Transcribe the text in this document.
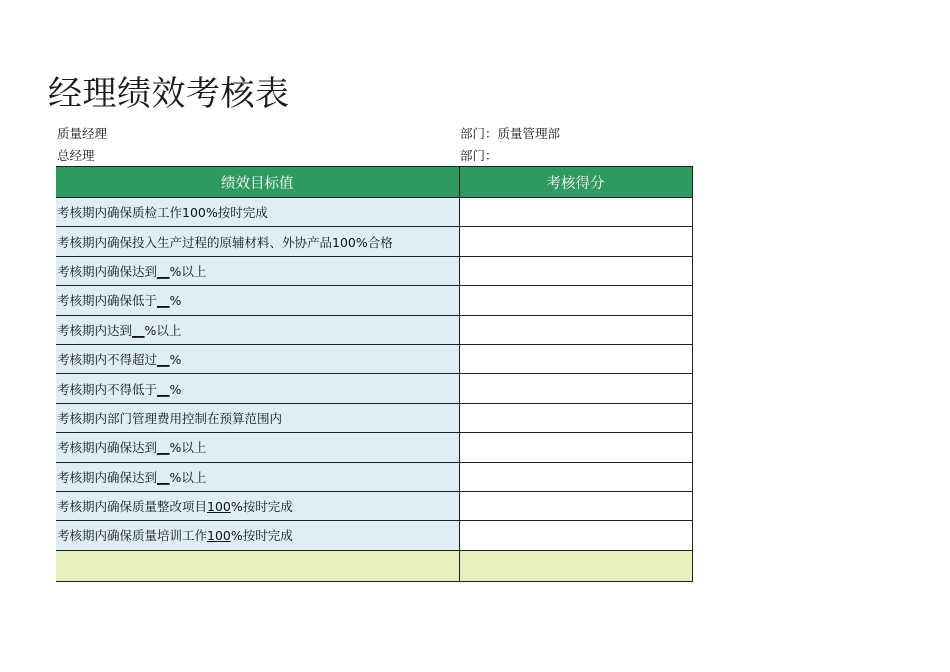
经理绩效考核表
质量经理	部门：质量管理部
总经理	部门：
绩效目标值	考核得分
考核期内确保质检工作100%按时完成	
考核期内确保投入生产过程的原辅材料、外协产品100%合格	
考核期内确保达到__%以上	
考核期内确保低于__%	
考核期内达到__%以上	
考核期内不得超过__%	
考核期内不得低于__%	
考核期内部门管理费用控制在预算范围内	
考核期内确保达到__%以上	
考核期内确保达到__%以上	
考核期内确保质量整改项目100%按时完成	
考核期内确保质量培训工作100%按时完成	
